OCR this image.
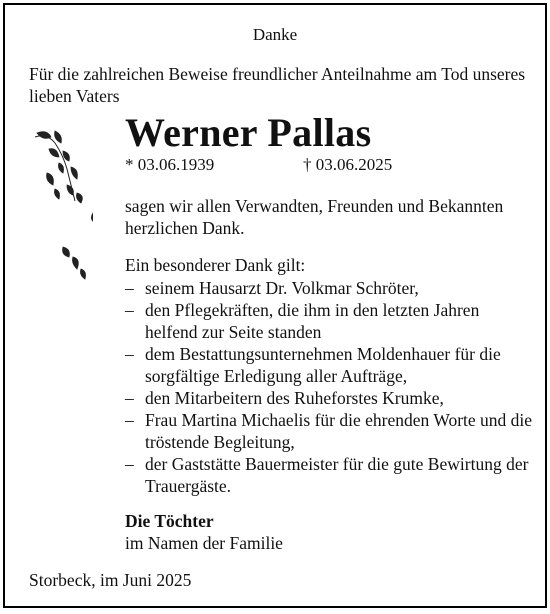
Danke
Für die zahlreichen Beweise freundlicher Anteilnahme am Tod unseres lieben Vaters
Werner Pallas
* 03.06.1939	† 03.06.2025
sagen wir allen Verwandten, Freunden und Bekannten herzlichen Dank.
Ein besonderer Dank gilt:
– seinem Hausarzt Dr. Volkmar Schröter,
– den Pflegekräften, die ihm in den letzten Jahren helfend zur Seite standen
– dem Bestattungsunternehmen Moldenhauer für die sorgfältige Erledigung aller Aufträge,
– den Mitarbeitern des Ruheforstes Krumke,
– Frau Martina Michaelis für die ehrenden Worte und die tröstende Begleitung,
– der Gaststätte Bauermeister für die gute Bewirtung der Trauergäste.
Die Töchter
im Namen der Familie
Storbeck, im Juni 2025
